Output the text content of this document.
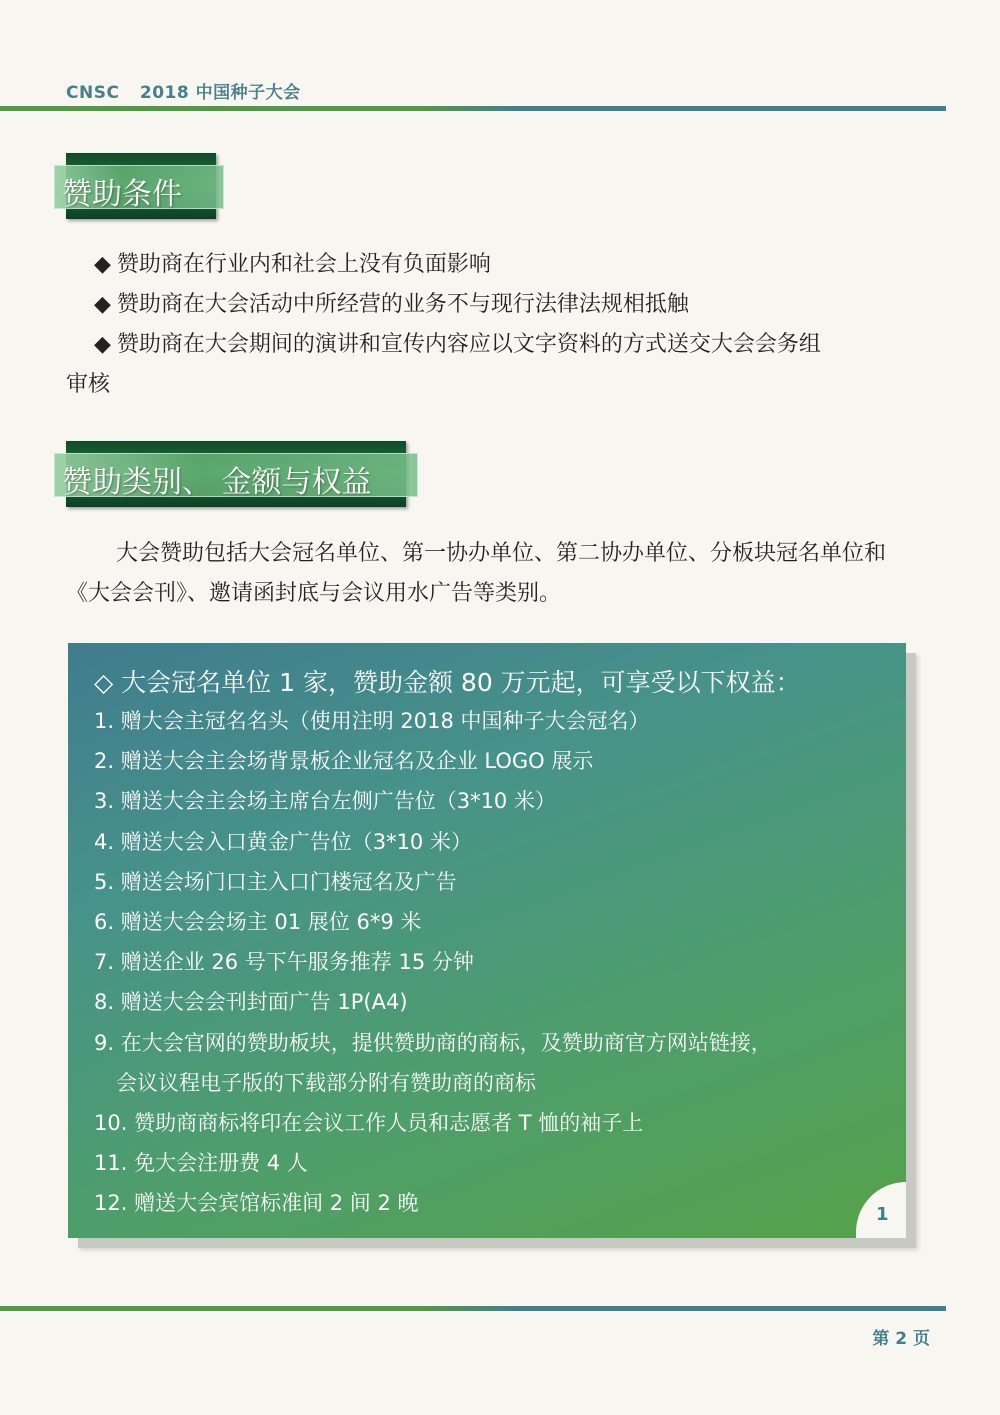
CNSC 2018 中国种子大会
赞助条件
◆ 赞助商在行业内和社会上没有负面影响
◆ 赞助商在大会活动中所经营的业务不与现行法律法规相抵触
◆ 赞助商在大会期间的演讲和宣传内容应以文字资料的方式送交大会会务组
审核
赞助类别、 金额与权益
大会赞助包括大会冠名单位、第一协办单位、第二协办单位、分板块冠名单位和 《大会会刊》、邀请函封底与会议用水广告等类别。
◇ 大会冠名单位 1 家，赞助金额 80 万元起，可享受以下权益：
1. 赠大会主冠名名头（使用注明 2018 中国种子大会冠名）
2. 赠送大会主会场背景板企业冠名及企业 LOGO 展示
3. 赠送大会主会场主席台左侧广告位（3*10 米）
4. 赠送大会入口黄金广告位（3*10 米）
5. 赠送会场门口主入口门楼冠名及广告
6. 赠送大会会场主 01 展位 6*9 米
7. 赠送企业 26 号下午服务推荐 15 分钟
8. 赠送大会会刊封面广告 1P(A4)
9. 在大会官网的赞助板块，提供赞助商的商标，及赞助商官方网站链接，
会议议程电子版的下载部分附有赞助商的商标
10. 赞助商商标将印在会议工作人员和志愿者 T 恤的袖子上
11. 免大会注册费 4 人
12. 赠送大会宾馆标准间 2 间 2 晚	1
第 2 页
